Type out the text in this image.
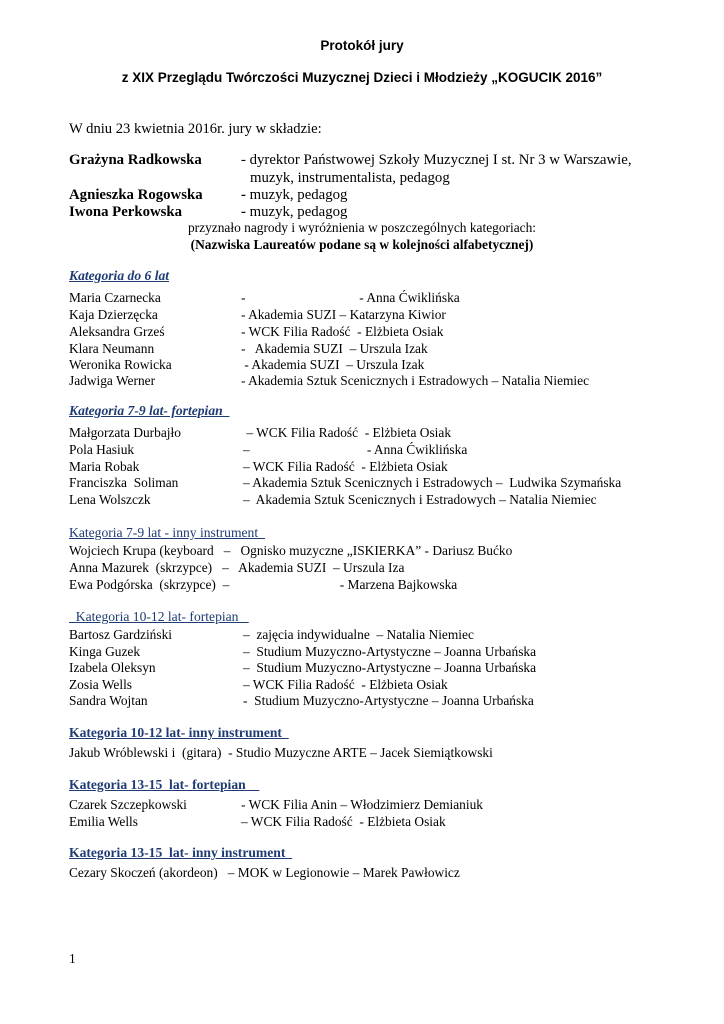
Protokół jury
z XIX Przeglądu Twórczości Muzycznej Dzieci i Młodzieży „KOGUCIK 2016”
W dniu 23 kwietnia 2016r. jury w składzie:
Grażyna Radkowska	- dyrektor Państwowej Szkoły Muzycznej I st. Nr 3 w Warszawie,
muzyk, instrumentalista, pedagog
Agnieszka Rogowska	- muzyk, pedagog
Iwona Perkowska	- muzyk, pedagog
przyznało nagrody i wyróżnienia w poszczególnych kategoriach:
(Nazwiska Laureatów podane są w kolejności alfabetycznej)
Kategoria do 6 lat
Maria Czarnecka	-                                  - Anna Ćwiklińska
Kaja Dzierzęcka	- Akademia SUZI – Katarzyna Kiwior
Aleksandra Grześ	- WCK Filia Radość  - Elżbieta Osiak
Klara Neumann	-   Akademia SUZI  – Urszula Izak
Weronika Rowicka	- Akademia SUZI  – Urszula Izak
Jadwiga Werner	- Akademia Sztuk Scenicznych i Estradowych – Natalia Niemiec
Kategoria 7-9 lat- fortepian
Małgorzata Durbajło	– WCK Filia Radość  - Elżbieta Osiak
Pola Hasiuk	–                                   - Anna Ćwiklińska
Maria Robak	– WCK Filia Radość  - Elżbieta Osiak
Franciszka  Soliman	– Akademia Sztuk Scenicznych i Estradowych –  Ludwika Szymańska
Lena Wolszczk	–  Akademia Sztuk Scenicznych i Estradowych – Natalia Niemiec
Kategoria 7-9 lat - inny instrument
Wojciech Krupa (keyboard   –   Ognisko muzyczne „ISKIERKA” - Dariusz Bućko
Anna Mazurek  (skrzypce)   –   Akademia SUZI  – Urszula Iza
Ewa Podgórska  (skrzypce)  –                                 - Marzena Bajkowska
Kategoria 10-12 lat- fortepian
Bartosz Gardziński	–  zajęcia indywidualne  – Natalia Niemiec
Kinga Guzek	–  Studium Muzyczno-Artystyczne – Joanna Urbańska
Izabela Oleksyn	–  Studium Muzyczno-Artystyczne – Joanna Urbańska
Zosia Wells	– WCK Filia Radość  - Elżbieta Osiak
Sandra Wojtan	-  Studium Muzyczno-Artystyczne – Joanna Urbańska
Kategoria 10-12 lat- inny instrument
Jakub Wróblewski i  (gitara)  - Studio Muzyczne ARTE – Jacek Siemiątkowski
Kategoria 13-15  lat- fortepian
Czarek Szczepkowski	- WCK Filia Anin – Włodzimierz Demianiuk
Emilia Wells	– WCK Filia Radość  - Elżbieta Osiak
Kategoria 13-15  lat- inny instrument
Cezary Skoczeń (akordeon)   – MOK w Legionowie – Marek Pawłowicz
1
